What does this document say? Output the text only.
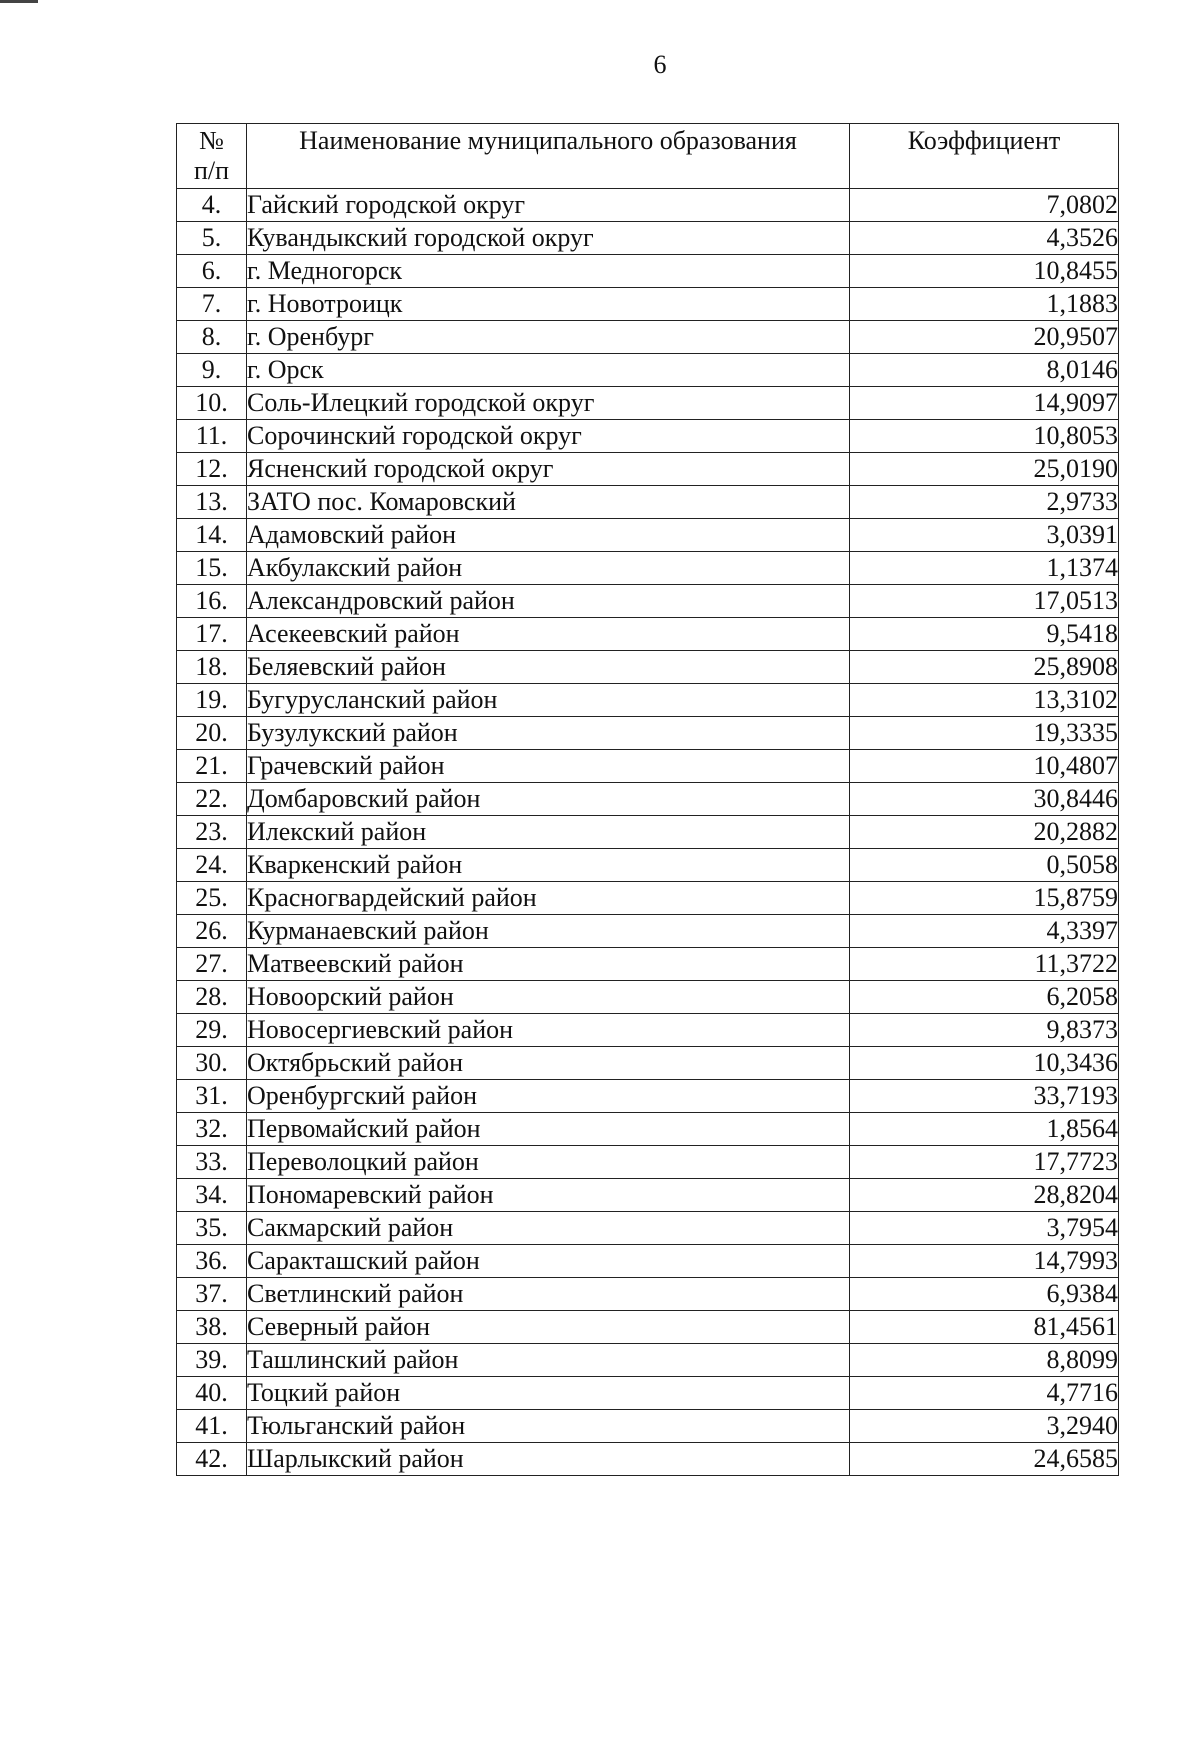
6
№
п/п	Наименование муниципального образования	Коэффициент
4.	Гайский городской округ	7,0802
5.	Кувандыкский городской округ	4,3526
6.	г. Медногорск	10,8455
7.	г. Новотроицк	1,1883
8.	г. Оренбург	20,9507
9.	г. Орск	8,0146
10.	Соль-Илецкий городской округ	14,9097
11.	Сорочинский городской округ	10,8053
12.	Ясненский городской округ	25,0190
13.	ЗАТО пос. Комаровский	2,9733
14.	Адамовский район	3,0391
15.	Акбулакский район	1,1374
16.	Александровский район	17,0513
17.	Асекеевский район	9,5418
18.	Беляевский район	25,8908
19.	Бугурусланский район	13,3102
20.	Бузулукский район	19,3335
21.	Грачевский район	10,4807
22.	Домбаровский район	30,8446
23.	Илекский район	20,2882
24.	Кваркенский район	0,5058
25.	Красногвардейский район	15,8759
26.	Курманаевский район	4,3397
27.	Матвеевский район	11,3722
28.	Новоорский район	6,2058
29.	Новосергиевский район	9,8373
30.	Октябрьский район	10,3436
31.	Оренбургский район	33,7193
32.	Первомайский район	1,8564
33.	Переволоцкий район	17,7723
34.	Пономаревский район	28,8204
35.	Сакмарский район	3,7954
36.	Саракташский район	14,7993
37.	Светлинский район	6,9384
38.	Северный район	81,4561
39.	Ташлинский район	8,8099
40.	Тоцкий район	4,7716
41.	Тюльганский район	3,2940
42.	Шарлыкский район	24,6585
